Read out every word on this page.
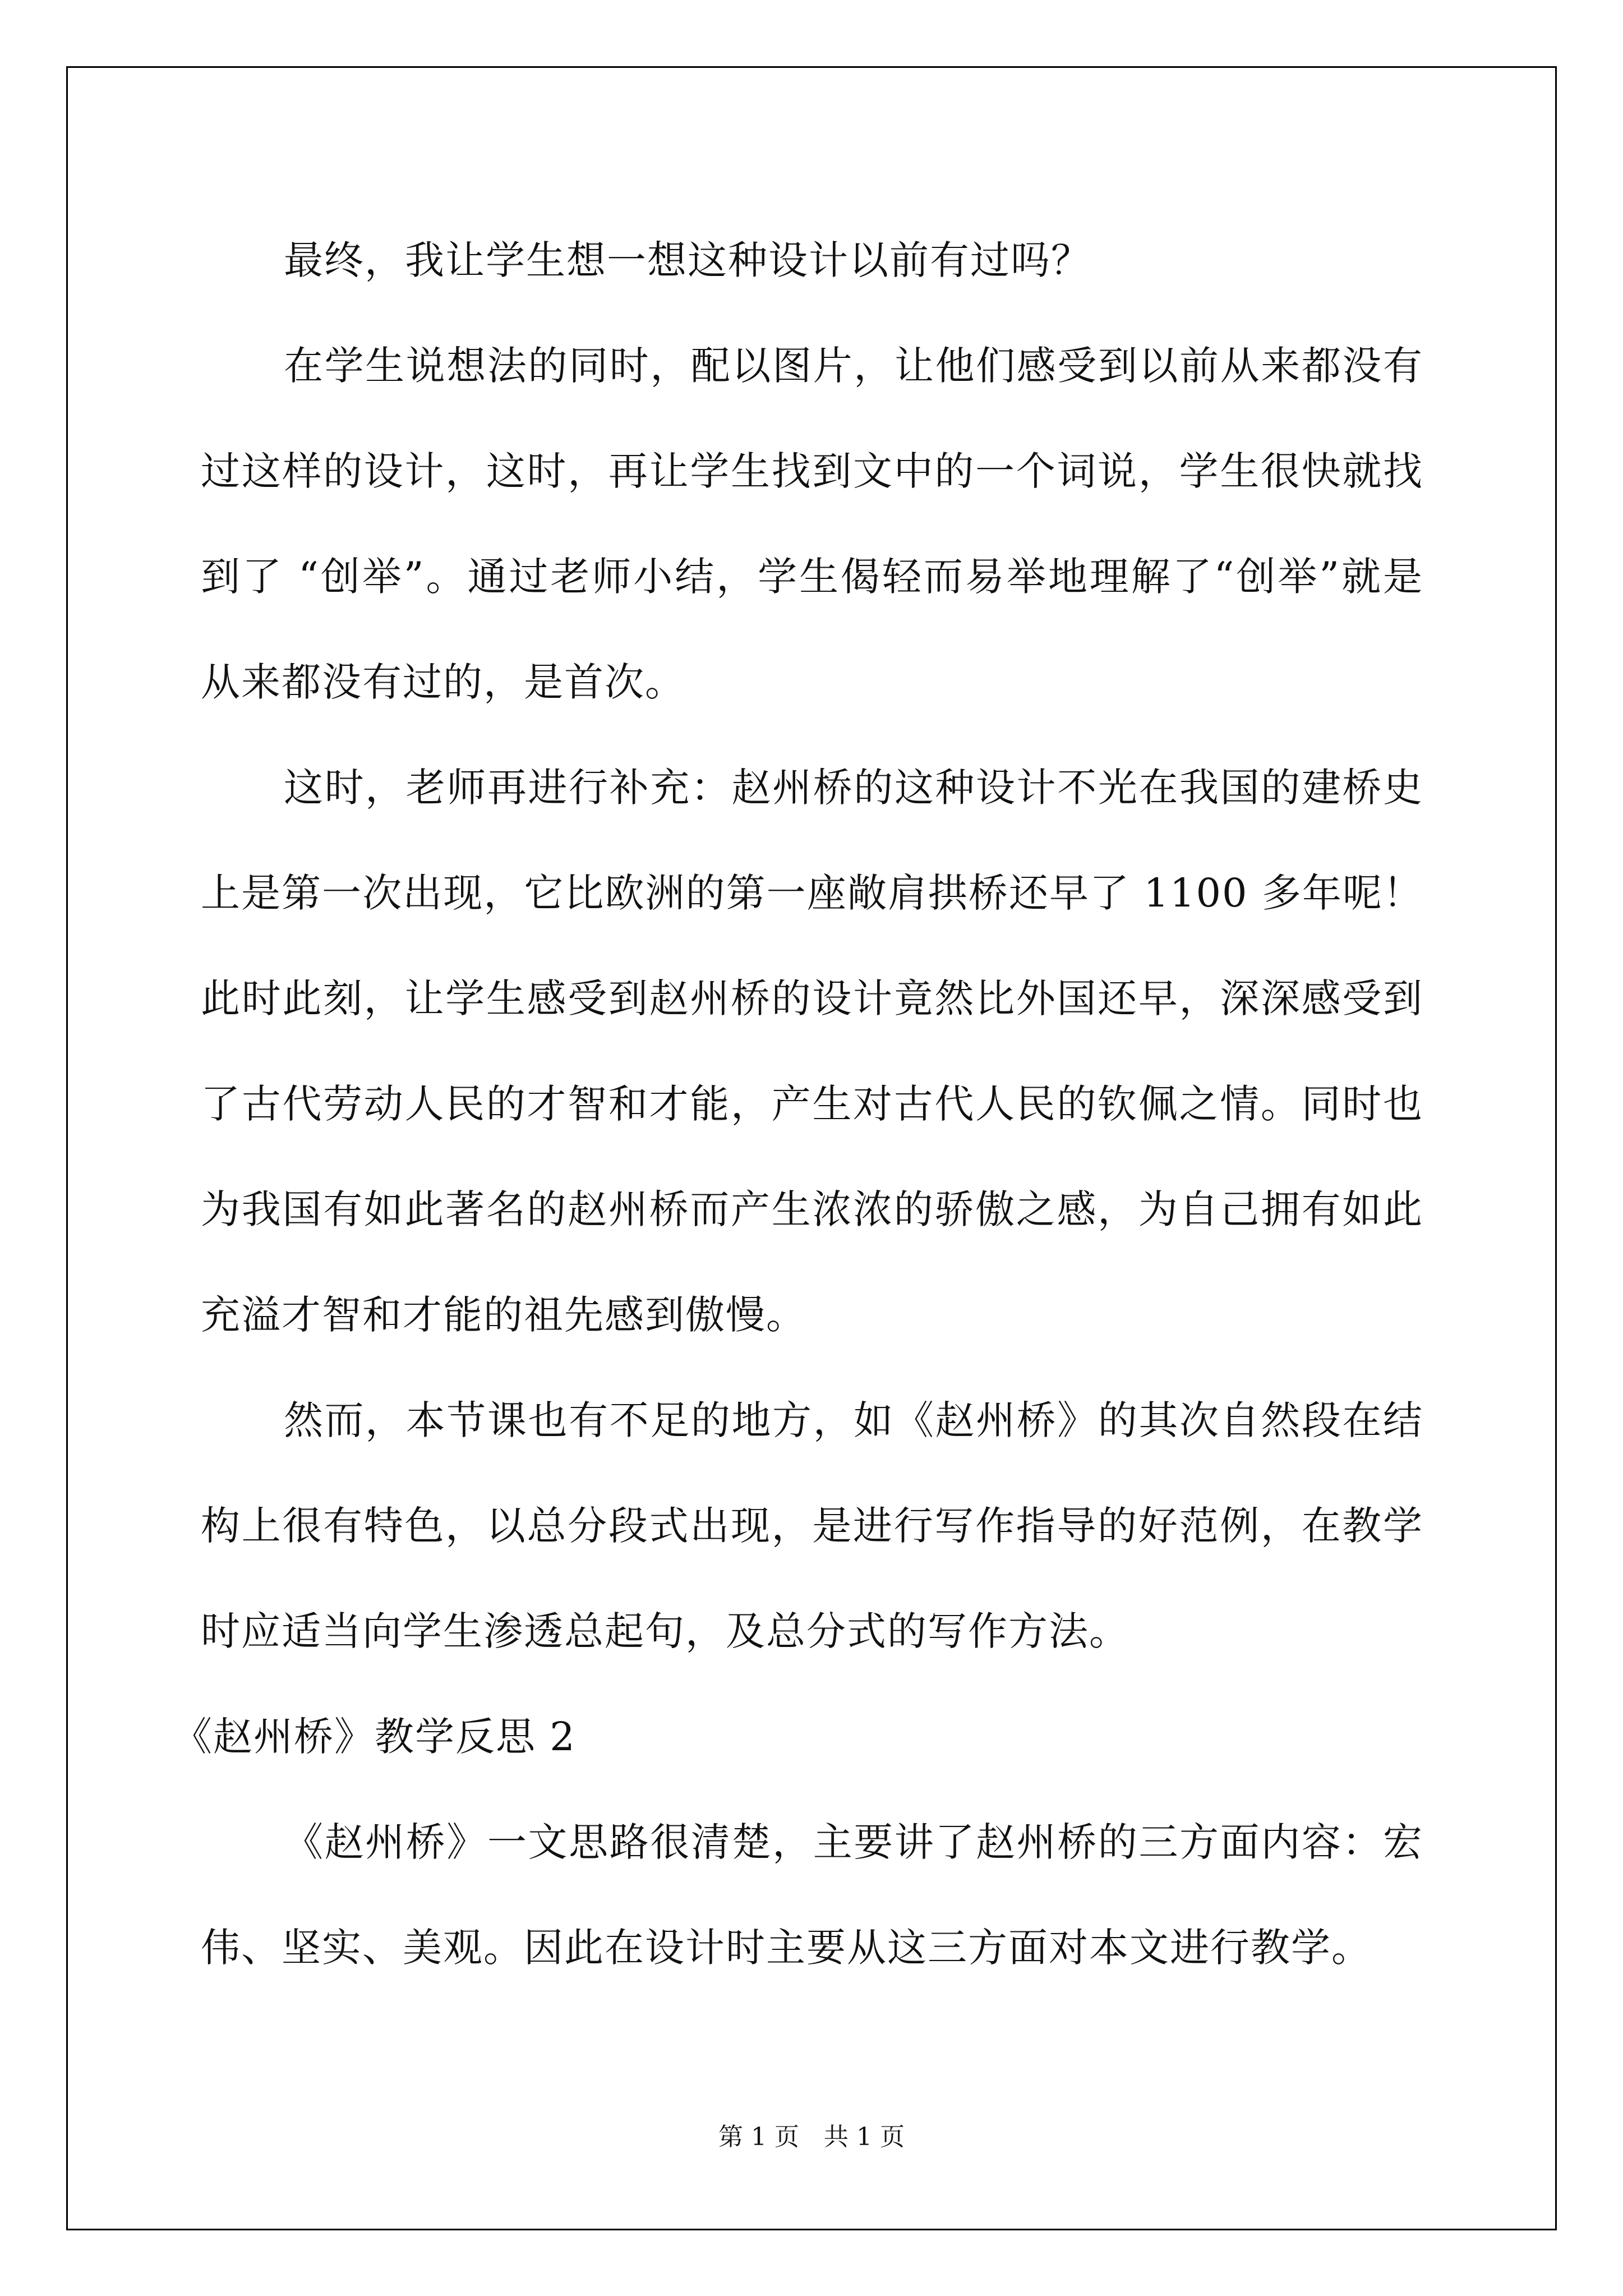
最终，我让学生想一想这种设计以前有过吗？

在学生说想法的同时，配以图片，让他们感受到以前从来都没有过这样的设计，这时，再让学生找到文中的一个词说，学生很快就找到了 “创举”。通过老师小结，学生偈轻而易举地理解了“创举”就是从来都没有过的，是首次。

这时，老师再进行补充：赵州桥的这种设计不光在我国的建桥史上是第一次出现，它比欧洲的第一座敞肩拱桥还早了 1100 多年呢！此时此刻，让学生感受到赵州桥的设计竟然比外国还早，深深感受到了古代劳动人民的才智和才能，产生对古代人民的钦佩之情。同时也为我国有如此著名的赵州桥而产生浓浓的骄傲之感，为自己拥有如此充溢才智和才能的祖先感到傲慢。

然而，本节课也有不足的地方，如《赵州桥》的其次自然段在结构上很有特色，以总分段式出现，是进行写作指导的好范例，在教学时应适当向学生渗透总起句，及总分式的写作方法。

《赵州桥》教学反思 2

《赵州桥》一文思路很清楚，主要讲了赵州桥的三方面内容：宏伟、坚实、美观。因此在设计时主要从这三方面对本文进行教学。

第 1 页　共 1 页
